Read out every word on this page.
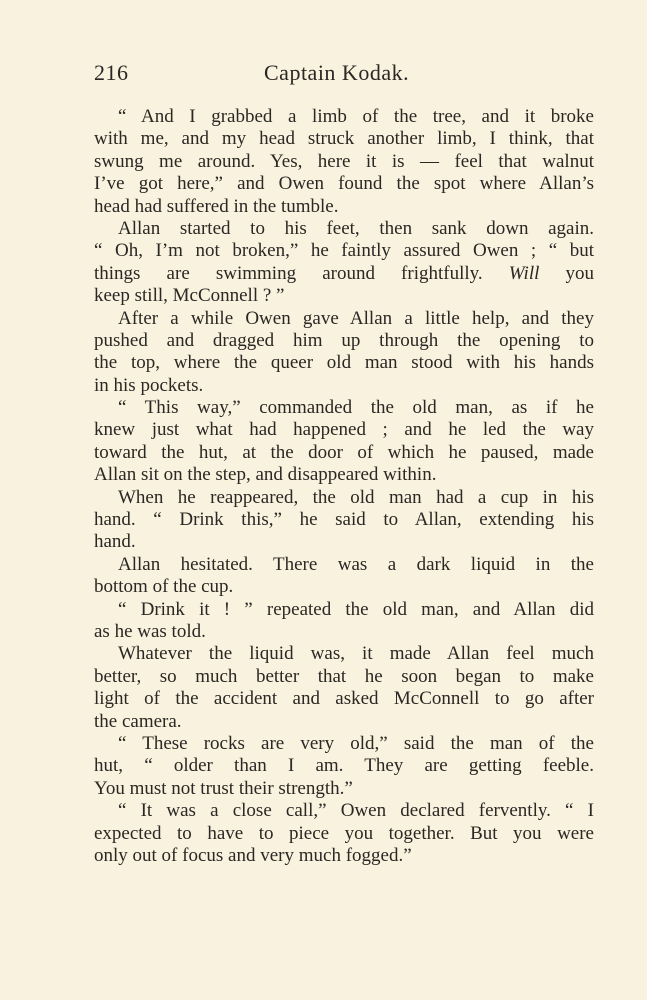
216	Captain Kodak.
“ And I grabbed a limb of the tree, and it broke
with me, and my head struck another limb, I think, that
swung me around. Yes, here it is — feel that walnut
I’ve got here,” and Owen found the spot where Allan’s
head had suffered in the tumble.
Allan started to his feet, then sank down again.
“ Oh, I’m not broken,” he faintly assured Owen ; “ but
things are swimming around frightfully. Will you
keep still, McConnell ? ”
After a while Owen gave Allan a little help, and they
pushed and dragged him up through the opening to
the top, where the queer old man stood with his hands
in his pockets.
“ This way,” commanded the old man, as if he
knew just what had happened ; and he led the way
toward the hut, at the door of which he paused, made
Allan sit on the step, and disappeared within.
When he reappeared, the old man had a cup in his
hand. “ Drink this,” he said to Allan, extending his
hand.
Allan hesitated. There was a dark liquid in the
bottom of the cup.
“ Drink it ! ” repeated the old man, and Allan did
as he was told.
Whatever the liquid was, it made Allan feel much
better, so much better that he soon began to make
light of the accident and asked McConnell to go after
the camera.
“ These rocks are very old,” said the man of the
hut, “ older than I am. They are getting feeble.
You must not trust their strength.”
“ It was a close call,” Owen declared fervently. “ I
expected to have to piece you together. But you were
only out of focus and very much fogged.”
